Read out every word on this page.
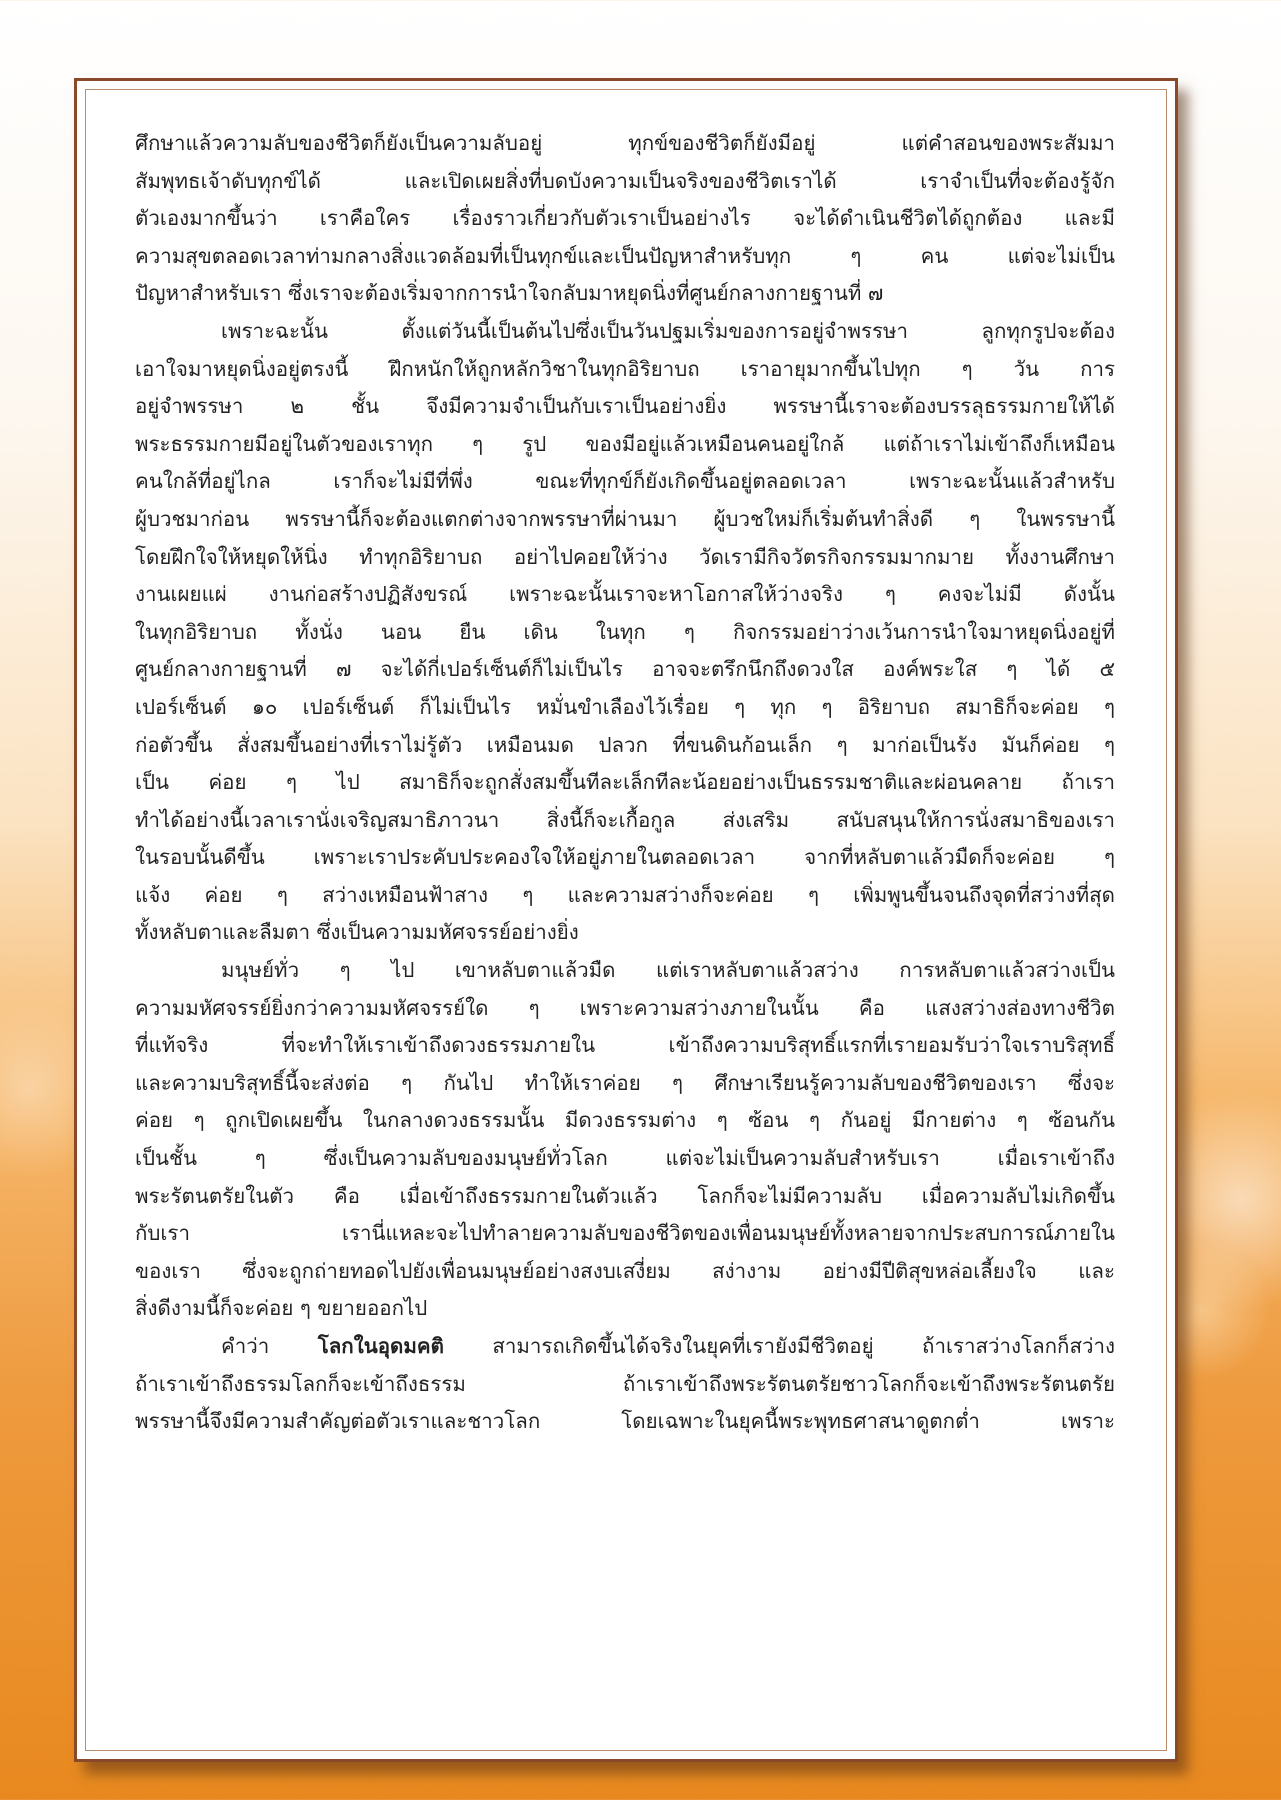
ศึกษาแล้วความลับของชีวิตก็ยังเป็นความลับอยู่ ทุกข์ของชีวิตก็ยังมีอยู่ แต่คำสอนของพระสัมมา
สัมพุทธเจ้าดับทุกข์ได้ และเปิดเผยสิ่งที่บดบังความเป็นจริงของชีวิตเราได้ เราจำเป็นที่จะต้องรู้จัก
ตัวเองมากขึ้นว่า เราคือใคร เรื่องราวเกี่ยวกับตัวเราเป็นอย่างไร จะได้ดำเนินชีวิตได้ถูกต้อง และมี
ความสุขตลอดเวลาท่ามกลางสิ่งแวดล้อมที่เป็นทุกข์และเป็นปัญหาสำหรับทุก ๆ คน แต่จะไม่เป็น
ปัญหาสำหรับเรา ซึ่งเราจะต้องเริ่มจากการนำใจกลับมาหยุดนิ่งที่ศูนย์กลางกายฐานที่ ๗
เพราะฉะนั้น ตั้งแต่วันนี้เป็นต้นไปซึ่งเป็นวันปฐมเริ่มของการอยู่จำพรรษา ลูกทุกรูปจะต้อง
เอาใจมาหยุดนิ่งอยู่ตรงนี้ ฝึกหนักให้ถูกหลักวิชาในทุกอิริยาบถ เราอายุมากขึ้นไปทุก ๆ วัน การ
อยู่จำพรรษา ๒ ชั้น จึงมีความจำเป็นกับเราเป็นอย่างยิ่ง พรรษานี้เราจะต้องบรรลุธรรมกายให้ได้
พระธรรมกายมีอยู่ในตัวของเราทุก ๆ รูป ของมีอยู่แล้วเหมือนคนอยู่ใกล้ แต่ถ้าเราไม่เข้าถึงก็เหมือน
คนใกล้ที่อยู่ไกล เราก็จะไม่มีที่พึ่ง ขณะที่ทุกข์ก็ยังเกิดขึ้นอยู่ตลอดเวลา เพราะฉะนั้นแล้วสำหรับ
ผู้บวชมาก่อน พรรษานี้ก็จะต้องแตกต่างจากพรรษาที่ผ่านมา ผู้บวชใหม่ก็เริ่มต้นทำสิ่งดี ๆ ในพรรษานี้
โดยฝึกใจให้หยุดให้นิ่ง ทำทุกอิริยาบถ อย่าไปคอยให้ว่าง วัดเรามีกิจวัตรกิจกรรมมากมาย ทั้งงานศึกษา
งานเผยแผ่ งานก่อสร้างปฏิสังขรณ์ เพราะฉะนั้นเราจะหาโอกาสให้ว่างจริง ๆ คงจะไม่มี ดังนั้น
ในทุกอิริยาบถ ทั้งนั่ง นอน ยืน เดิน ในทุก ๆ กิจกรรมอย่าว่างเว้นการนำใจมาหยุดนิ่งอยู่ที่
ศูนย์กลางกายฐานที่ ๗ จะได้กี่เปอร์เซ็นต์ก็ไม่เป็นไร อาจจะตรึกนึกถึงดวงใส องค์พระใส ๆ ได้ ๕
เปอร์เซ็นต์ ๑๐ เปอร์เซ็นต์ ก็ไม่เป็นไร หมั่นขำเลืองไว้เรื่อย ๆ ทุก ๆ อิริยาบถ สมาธิก็จะค่อย ๆ
ก่อตัวขึ้น สั่งสมขึ้นอย่างที่เราไม่รู้ตัว เหมือนมด ปลวก ที่ขนดินก้อนเล็ก ๆ มาก่อเป็นรัง มันก็ค่อย ๆ
เป็น ค่อย ๆ ไป สมาธิก็จะถูกสั่งสมขึ้นทีละเล็กทีละน้อยอย่างเป็นธรรมชาติและผ่อนคลาย ถ้าเรา
ทำได้อย่างนี้เวลาเรานั่งเจริญสมาธิภาวนา สิ่งนี้ก็จะเกื้อกูล ส่งเสริม สนับสนุนให้การนั่งสมาธิของเรา
ในรอบนั้นดีขึ้น เพราะเราประคับประคองใจให้อยู่ภายในตลอดเวลา จากที่หลับตาแล้วมืดก็จะค่อย ๆ
แจ้ง ค่อย ๆ สว่างเหมือนฟ้าสาง ๆ และความสว่างก็จะค่อย ๆ เพิ่มพูนขึ้นจนถึงจุดที่สว่างที่สุด
ทั้งหลับตาและลืมตา ซึ่งเป็นความมหัศจรรย์อย่างยิ่ง
มนุษย์ทั่ว ๆ ไป เขาหลับตาแล้วมืด แต่เราหลับตาแล้วสว่าง การหลับตาแล้วสว่างเป็น
ความมหัศจรรย์ยิ่งกว่าความมหัศจรรย์ใด ๆ เพราะความสว่างภายในนั้น คือ แสงสว่างส่องทางชีวิต
ที่แท้จริง ที่จะทำให้เราเข้าถึงดวงธรรมภายใน เข้าถึงความบริสุทธิ์แรกที่เรายอมรับว่าใจเราบริสุทธิ์
และความบริสุทธิ์นี้จะส่งต่อ ๆ กันไป ทำให้เราค่อย ๆ ศึกษาเรียนรู้ความลับของชีวิตของเรา ซึ่งจะ
ค่อย ๆ ถูกเปิดเผยขึ้น ในกลางดวงธรรมนั้น มีดวงธรรมต่าง ๆ ซ้อน ๆ กันอยู่ มีกายต่าง ๆ ซ้อนกัน
เป็นชั้น ๆ ซึ่งเป็นความลับของมนุษย์ทั่วโลก แต่จะไม่เป็นความลับสำหรับเรา เมื่อเราเข้าถึง
พระรัตนตรัยในตัว คือ เมื่อเข้าถึงธรรมกายในตัวแล้ว โลกก็จะไม่มีความลับ เมื่อความลับไม่เกิดขึ้น
กับเรา เรานี่แหละจะไปทำลายความลับของชีวิตของเพื่อนมนุษย์ทั้งหลายจากประสบการณ์ภายใน
ของเรา ซึ่งจะถูกถ่ายทอดไปยังเพื่อนมนุษย์อย่างสงบเสงี่ยม สง่างาม อย่างมีปีติสุขหล่อเลี้ยงใจ และ
สิ่งดีงามนี้ก็จะค่อย ๆ ขยายออกไป
คำว่า โลกในอุดมคติ สามารถเกิดขึ้นได้จริงในยุคที่เรายังมีชีวิตอยู่ ถ้าเราสว่างโลกก็สว่าง
ถ้าเราเข้าถึงธรรมโลกก็จะเข้าถึงธรรม ถ้าเราเข้าถึงพระรัตนตรัยชาวโลกก็จะเข้าถึงพระรัตนตรัย
พรรษานี้จึงมีความสำคัญต่อตัวเราและชาวโลก โดยเฉพาะในยุคนี้พระพุทธศาสนาดูตกต่ำ เพราะ
